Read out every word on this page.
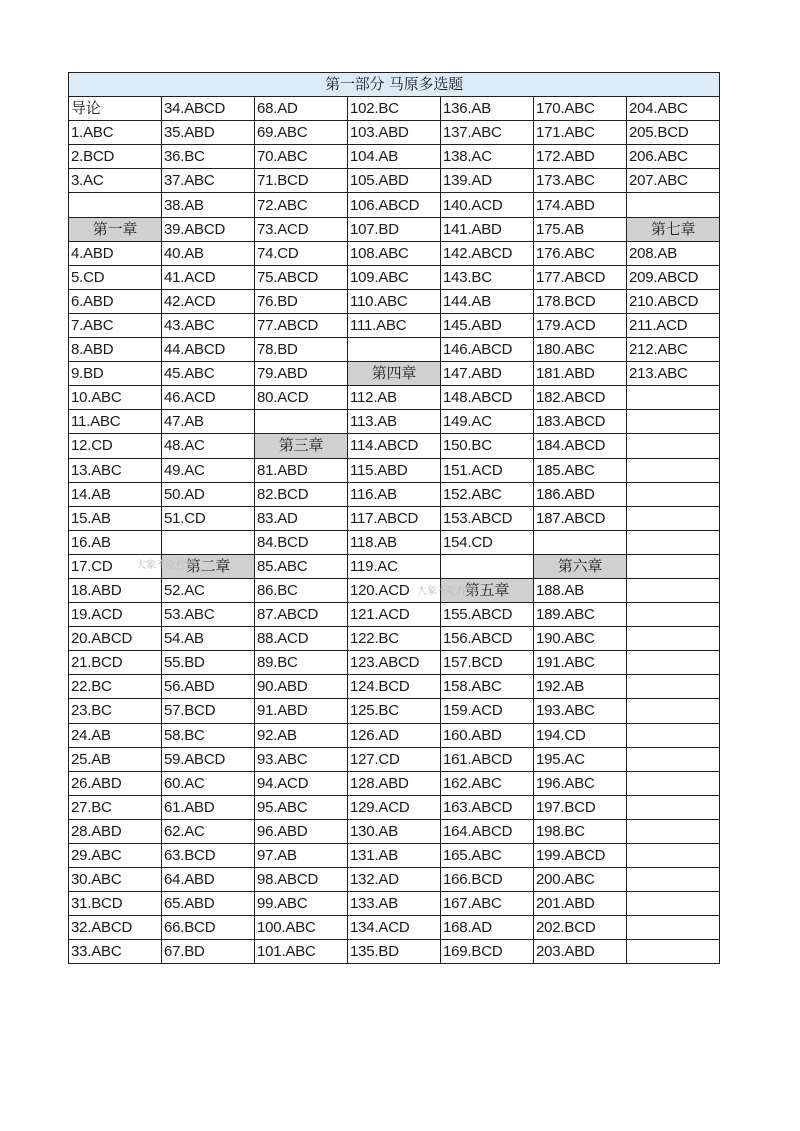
第一部分 马原多选题						
导论	34.ABCD	68.AD	102.BC	136.AB	170.ABC	204.ABC
1.ABC	35.ABD	69.ABC	103.ABD	137.ABC	171.ABC	205.BCD
2.BCD	36.BC	70.ABC	104.AB	138.AC	172.ABD	206.ABC
3.AC	37.ABC	71.BCD	105.ABD	139.AD	173.ABC	207.ABC
	38.AB	72.ABC	106.ABCD	140.ACD	174.ABD	
第一章	39.ABCD	73.ACD	107.BD	141.ABD	175.AB	第七章
4.ABD	40.AB	74.CD	108.ABC	142.ABCD	176.ABC	208.AB
5.CD	41.ACD	75.ABCD	109.ABC	143.BC	177.ABCD	209.ABCD
6.ABD	42.ACD	76.BD	110.ABC	144.AB	178.BCD	210.ABCD
7.ABC	43.ABC	77.ABCD	111.ABC	145.ABD	179.ACD	211.ACD
8.ABD	44.ABCD	78.BD		146.ABCD	180.ABC	212.ABC
9.BD	45.ABC	79.ABD	第四章	147.ABD	181.ABD	213.ABC
10.ABC	46.ACD	80.ACD	112.AB	148.ABCD	182.ABCD	
11.ABC	47.AB		113.AB	149.AC	183.ABCD	
12.CD	48.AC	第三章	114.ABCD	150.BC	184.ABCD	
13.ABC	49.AC	81.ABD	115.ABD	151.ACD	185.ABC	
14.AB	50.AD	82.BCD	116.AB	152.ABC	186.ABD	
15.AB	51.CD	83.AD	117.ABCD	153.ABCD	187.ABCD	
16.AB		84.BCD	118.AB	154.CD		
17.CD	第二章	85.ABC	119.AC		第六章	
18.ABD	52.AC	86.BC	120.ACD	第五章	188.AB	
19.ACD	53.ABC	87.ABCD	121.ACD	155.ABCD	189.ABC	
20.ABCD	54.AB	88.ACD	122.BC	156.ABCD	190.ABC	
21.BCD	55.BD	89.BC	123.ABCD	157.BCD	191.ABC	
22.BC	56.ABD	90.ABD	124.BCD	158.ABC	192.AB	
23.BC	57.BCD	91.ABD	125.BC	159.ACD	193.ABC	
24.AB	58.BC	92.AB	126.AD	160.ABD	194.CD	
25.AB	59.ABCD	93.ABC	127.CD	161.ABCD	195.AC	
26.ABD	60.AC	94.ACD	128.ABD	162.ABC	196.ABC	
27.BC	61.ABD	95.ABC	129.ACD	163.ABCD	197.BCD	
28.ABD	62.AC	96.ABD	130.AB	164.ABCD	198.BC	
29.ABC	63.BCD	97.AB	131.AB	165.ABC	199.ABCD	
30.ABC	64.ABD	98.ABCD	132.AD	166.BCD	200.ABC	
31.BCD	65.ABD	99.ABC	133.AB	167.ABC	201.ABD	
32.ABCD	66.BCD	100.ABC	134.ACD	168.AD	202.BCD	
33.ABC	67.BD	101.ABC	135.BD	169.BCD	203.ABD	
大象不吃柠檬
大象不吃柠檬
